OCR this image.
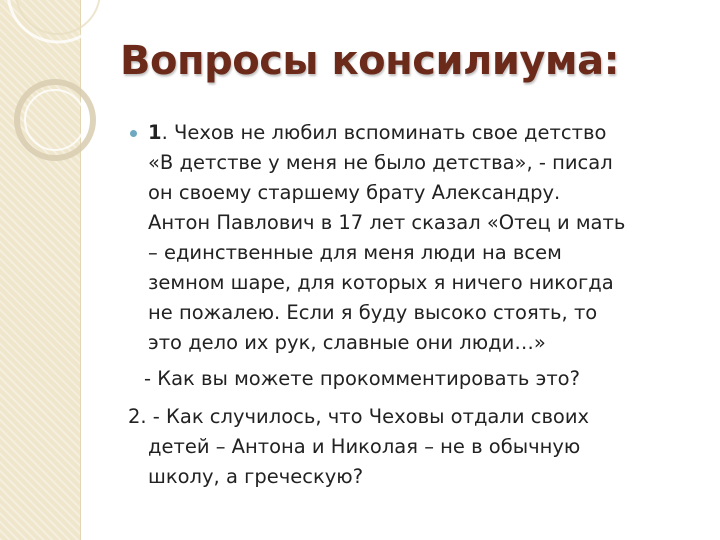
Вопросы консилиума:
1. Чехов не любил вспоминать свое детство
«В детстве у меня не было детства», - писал
он своему старшему брату Александру.
Антон Павлович в 17 лет сказал «Отец и мать
– единственные для меня люди на всем
земном шаре, для которых я ничего никогда
не пожалею. Если я буду высоко стоять, то
это дело их рук, славные они люди…»
- Как вы можете прокомментировать это?
2. - Как случилось, что Чеховы отдали своих
детей – Антона и Николая – не в обычную
школу, а греческую?
